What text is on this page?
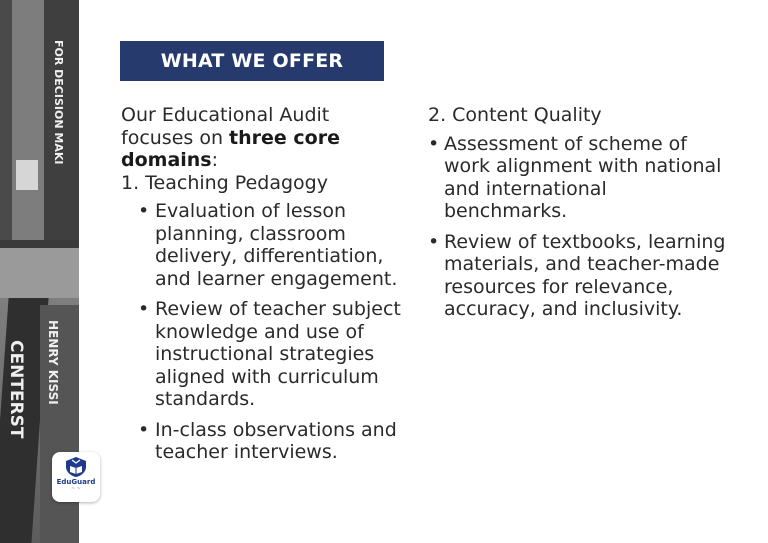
FOR DECISION MAKI
CENTERST HENRY KISSI
EduGuard
~ ~
WHAT WE OFFER

Our Educational Audit focuses on three core domains:

1. Teaching Pedagogy

• Evaluation of lesson planning, classroom delivery, differentiation, and learner engagement.
• Review of teacher subject knowledge and use of instructional strategies aligned with curriculum standards.
• In-class observations and teacher interviews.

2. Content Quality

• Assessment of scheme of work alignment with national and international benchmarks.
• Review of textbooks, learning materials, and teacher-made resources for relevance, accuracy, and inclusivity.
